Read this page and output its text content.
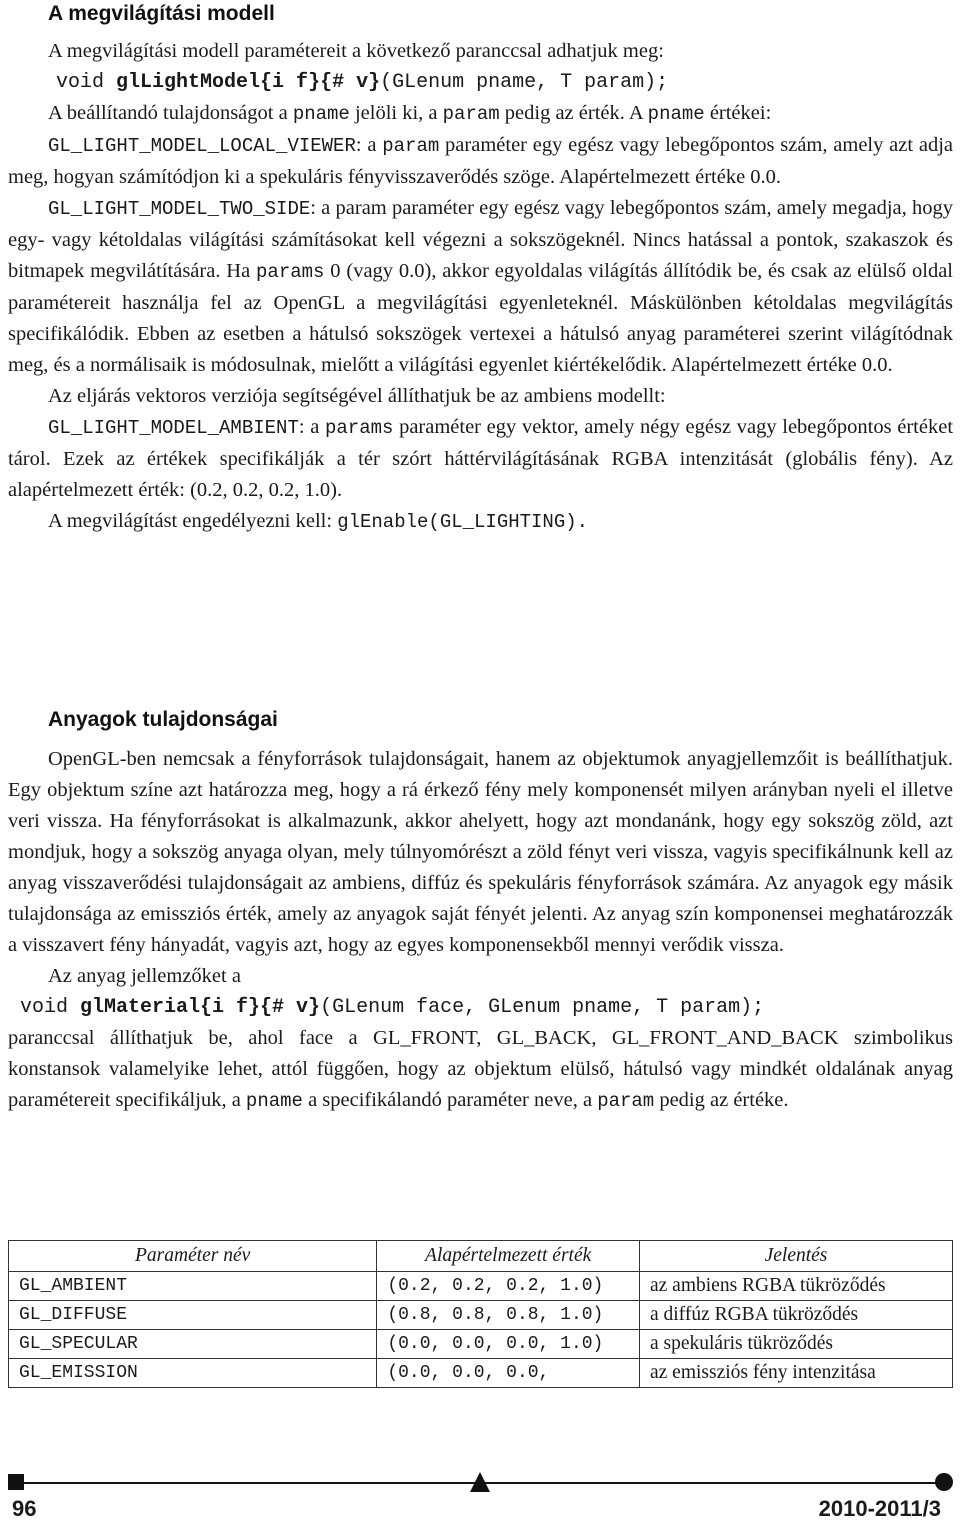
A megvilágítási modell

A megvilágítási modell paramétereit a következő paranccsal adhatjuk meg:

void glLightModel{i f}{# v}(GLenum pname, T param);

A beállítandó tulajdonságot a pname jelöli ki, a param pedig az érték. A pname értékei:

GL_LIGHT_MODEL_LOCAL_VIEWER: a param paraméter egy egész vagy lebegőpontos szám, amely azt adja meg, hogyan számítódjon ki a spekuláris fényvisszaverődés szöge. Alapértelmezett értéke 0.0.

GL_LIGHT_MODEL_TWO_SIDE: a param paraméter egy egész vagy lebegőpontos szám, amely megadja, hogy egy- vagy kétoldalas világítási számításokat kell végezni a sokszögeknél. Nincs hatással a pontok, szakaszok és bitmapek megvilátítására. Ha params 0 (vagy 0.0), akkor egyoldalas világítás állítódik be, és csak az elülső oldal paramétereit használja fel az OpenGL a megvilágítási egyenleteknél. Máskülönben kétoldalas megvilágítás specifikálódik. Ebben az esetben a hátulsó sokszögek vertexei a hátulsó anyag paraméterei szerint világítódnak meg, és a normálisaik is módosulnak, mielőtt a világítási egyenlet kiértékelődik. Alapértelmezett értéke 0.0.

Az eljárás vektoros verziója segítségével állíthatjuk be az ambiens modellt:

GL_LIGHT_MODEL_AMBIENT: a params paraméter egy vektor, amely négy egész vagy lebegőpontos értéket tárol. Ezek az értékek specifikálják a tér szórt háttérvilágításának RGBA intenzitását (globális fény). Az alapértelmezett érték: (0.2, 0.2, 0.2, 1.0).

A megvilágítást engedélyezni kell: glEnable(GL_LIGHTING).

Anyagok tulajdonságai

OpenGL-ben nemcsak a fényforrások tulajdonságait, hanem az objektumok anyagjellemzőit is beállíthatjuk. Egy objektum színe azt határozza meg, hogy a rá érkező fény mely komponensét milyen arányban nyeli el illetve veri vissza. Ha fényforrásokat is alkalmazunk, akkor ahelyett, hogy azt mondanánk, hogy egy sokszög zöld, azt mondjuk, hogy a sokszög anyaga olyan, mely túlnyomórészt a zöld fényt veri vissza, vagyis specifikálnunk kell az anyag visszaverődési tulajdonságait az ambiens, diffúz és spekuláris fényforrások számára. Az anyagok egy másik tulajdonsága az emissziós érték, amely az anyagok saját fényét jelenti. Az anyag szín komponensei meghatározzák a visszavert fény hányadát, vagyis azt, hogy az egyes komponensekből mennyi verődik vissza.

Az anyag jellemzőket a

void glMaterial{i f}{# v}(GLenum face, GLenum pname, T param);

paranccsal állíthatjuk be, ahol face a GL_FRONT, GL_BACK, GL_FRONT_AND_BACK szimbolikus konstansok valamelyike lehet, attól függően, hogy az objektum elülső, hátulsó vagy mindkét oldalának anyag paramétereit specifikáljuk, a pname a specifikálandó paraméter neve, a param pedig az értéke.

Paraméter név	Alapértelmezett érték	Jelentés
GL_AMBIENT	(0.2, 0.2, 0.2, 1.0)	az ambiens RGBA tükröződés
GL_DIFFUSE	(0.8, 0.8, 0.8, 1.0)	a diffúz RGBA tükröződés
GL_SPECULAR	(0.0, 0.0, 0.0, 1.0)	a spekuláris tükröződés
GL_EMISSION	(0.0, 0.0, 0.0,	az emissziós fény intenzitása
96	2010-2011/3
